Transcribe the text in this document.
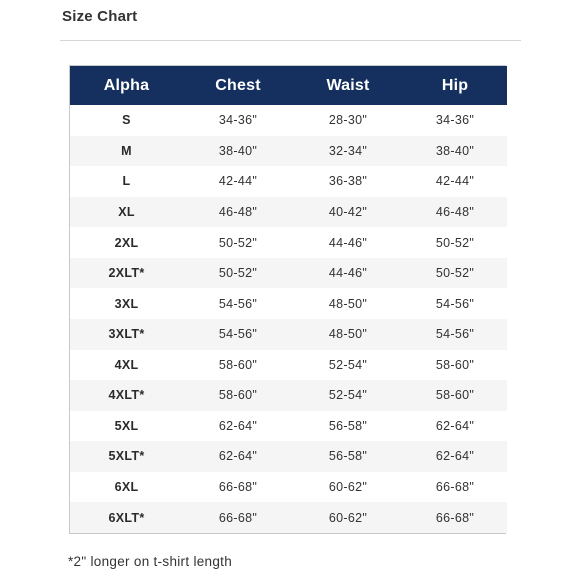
Size Chart
Alpha	Chest	Waist	Hip
S	34-36"	28-30"	34-36"
M	38-40"	32-34"	38-40"
L	42-44"	36-38"	42-44"
XL	46-48"	40-42"	46-48"
2XL	50-52"	44-46"	50-52"
2XLT*	50-52"	44-46"	50-52"
3XL	54-56"	48-50"	54-56"
3XLT*	54-56"	48-50"	54-56"
4XL	58-60"	52-54"	58-60"
4XLT*	58-60"	52-54"	58-60"
5XL	62-64"	56-58"	62-64"
5XLT*	62-64"	56-58"	62-64"
6XL	66-68"	60-62"	66-68"
6XLT*	66-68"	60-62"	66-68"
*2" longer on t-shirt length
